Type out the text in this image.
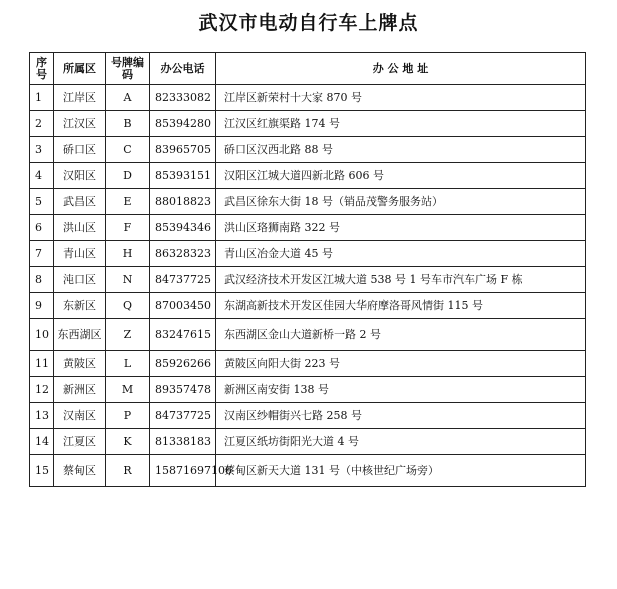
武汉市电动自行车上牌点
序号	所属区	号牌编码	办公电话	办 公 地 址
1	江岸区	A	82333082	江岸区新荣村十大家 870 号
2	江汉区	B	85394280	江汉区红旗渠路 174 号
3	硚口区	C	83965705	硚口区汉西北路 88 号
4	汉阳区	D	85393151	汉阳区江城大道四新北路 606 号
5	武昌区	E	88018823	武昌区徐东大街 18 号（销品茂警务服务站）
6	洪山区	F	85394346	洪山区珞狮南路 322 号
7	青山区	H	86328323	青山区冶金大道 45 号
8	沌口区	N	84737725	武汉经济技术开发区江城大道 538 号 1 号车市汽车广场 F 栋
9	东新区	Q	87003450	东湖高新技术开发区佳园大华府摩洛哥风情街 115 号
10	东西湖区	Z	83247615	东西湖区金山大道新桥一路 2 号
11	黄陂区	L	85926266	黄陂区向阳大街 223 号
12	新洲区	M	89357478	新洲区南安街 138 号
13	汉南区	P	84737725	汉南区纱帽街兴七路 258 号
14	江夏区	K	81338183	江夏区纸坊街阳光大道 4 号
15	蔡甸区	R	15871697106	蔡甸区新天大道 131 号（中核世纪广场旁）
